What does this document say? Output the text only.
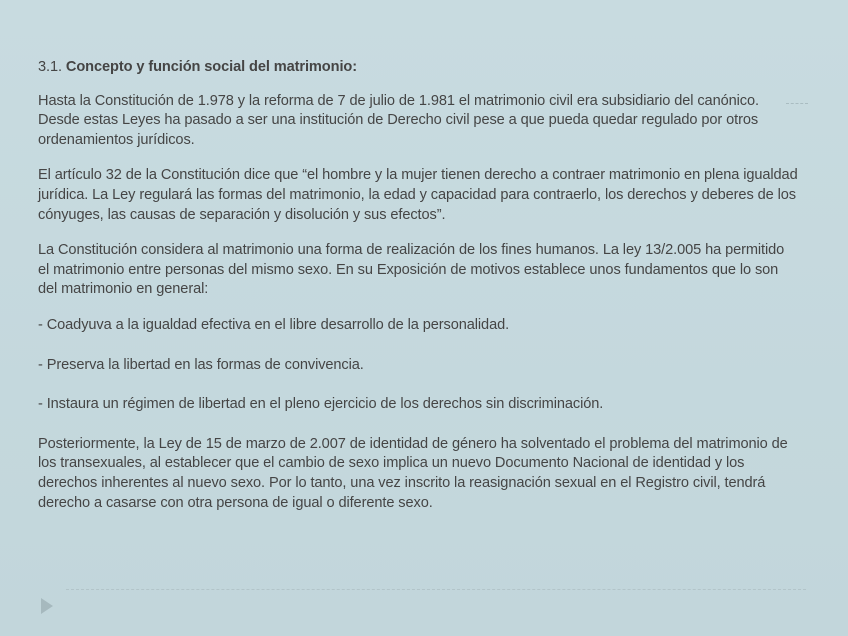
3.1. Concepto y función social del matrimonio:

Hasta la Constitución de 1.978 y la reforma de 7 de julio de 1.981 el matrimonio civil era subsidiario del canónico. Desde estas Leyes ha pasado a ser una institución de Derecho civil pese a que pueda quedar regulado por otros ordenamientos jurídicos.

El artículo 32 de la Constitución dice que “el hombre y la mujer tienen derecho a contraer matrimonio en plena igualdad jurídica. La Ley regulará las formas del matrimonio, la edad y capacidad para contraerlo, los derechos y deberes de los cónyuges, las causas de separación y disolución y sus efectos”.

La Constitución considera al matrimonio una forma de realización de los fines humanos. La ley 13/2.005 ha permitido el matrimonio entre personas del mismo sexo. En su Exposición de motivos establece unos fundamentos que lo son del matrimonio en general:

- Coadyuva a la igualdad efectiva en el libre desarrollo de la personalidad.

- Preserva la libertad en las formas de convivencia.

- Instaura un régimen de libertad en el pleno ejercicio de los derechos sin discriminación.

Posteriormente, la Ley de 15 de marzo de 2.007 de identidad de género ha solventado el problema del matrimonio de los transexuales, al establecer que el cambio de sexo implica un nuevo Documento Nacional de identidad y los derechos inherentes al nuevo sexo. Por lo tanto, una vez inscrito la reasignación sexual en el Registro civil, tendrá derecho a casarse con otra persona de igual o diferente sexo.
